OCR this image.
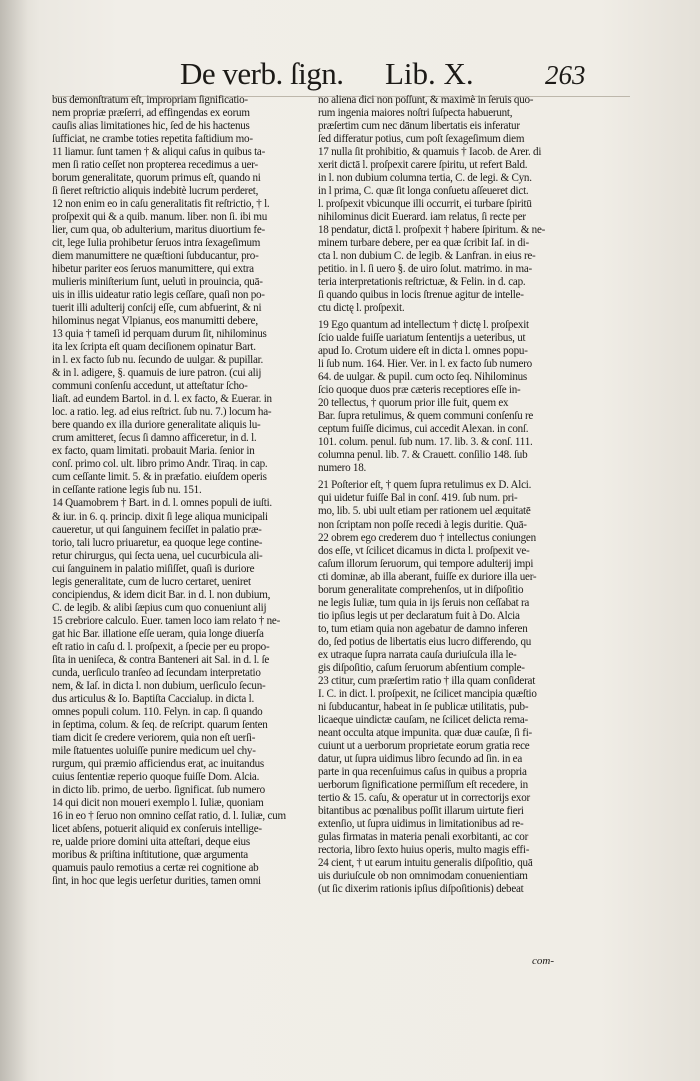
De verb. ſign. Lib. X.	263
bus demonſtratum eſt, impropriam ſignificatio-
nem propriæ præſerri, ad effingendas ex eorum
cauſis alias limitationes hic, ſed de his hactenus
ſufficiat, ne crambe toties repetita faſtidium mo-
11 liamur. ſunt tamen † & aliqui caſus in quibus ta-
men ſi ratio ceſſet non propterea recedimus a uer-
borum generalitate, quorum primus eſt, quando ni
ſi ſieret reſtrictio aliquis indebitè lucrum perderet,
12 non enim eo in caſu generalitatis fit reſtrictio, † l.
proſpexit qui & a quib. manum. liber. non ſi. ibi mu
lier, cum qua, ob adulterium, maritus diuortium fe-
cit, lege Iulia prohibetur ſeruos intra ſexageſimum
diem manumittere ne quæſtioni ſubducantur, pro-
hibetur pariter eos ſeruos manumittere, qui extra
mulieris miniſterium ſunt, uelutì in prouincia, quā-
uis in illis uideatur ratio legis ceſſare, quaſi non po-
tuerit illi adulterij conſcij eſſe, cum abfuerint, & ni
hilominus negat Vlpianus, eos manumitti debere,
13 quia † tameſi id perquam durum ſit, nihilominus
ita lex ſcripta eſt quam deciſionem opinatur Bart.
in l. ex facto ſub nu. ſecundo de uulgar. & pupillar.
& in l. adigere, §. quamuis de iure patron. (cui alij
communi conſenſu accedunt, ut atteſtatur ſcho-
liaſt. ad eundem Bartol. in d. l. ex facto, & Euerar. in
loc. a ratio. leg. ad eius reſtrict. ſub nu. 7.) locum ha-
bere quando ex illa duriore generalitate aliquis lu-
crum amitteret, ſecus ſi damno afficeretur, in d. l.
ex facto, quam limitati. probauit Maria. ſenior in
conſ. primo col. ult. libro primo Andr. Tiraq. in cap.
cum ceſſante limit. 5. & in præfatio. eiuſdem operis
in ceſſante ratione legis ſub nu. 151.
14 Quamobrem † Bart. in d. l. omnes populi de iuſti.
& iur. in 6. q. princip. dixit ſi lege aliqua municipali
caueretur, ut qui ſanguinem feciſſet in palatio præ-
torio, tali lucro priuaretur, ea quoque lege contine-
retur chirurgus, qui ſecta uena, uel cucurbicula ali-
cui ſanguinem in palatio miſiſſet, quaſi is duriore
legis generalitate, cum de lucro certaret, ueniret
concipiendus, & idem dicit Bar. in d. l. non dubium,
C. de legib. & alibi ſæpius cum quo conueniunt alij
15 crebriore calculo. Euer. tamen loco iam relato † ne-
gat hic Bar. illatione eſſe ueram, quia longe diuerſa
eſt ratio in caſu d. l. proſpexit, a ſpecie per eu propo-
ſita in ueniſeca, & contra Banteneri ait Sal. in d. l. ſe
cunda, uerſiculo tranſeo ad ſecundam interpretatio
nem, & Iaſ. in dicta l. non dubium, uerſiculo ſecun-
dus articulus & Io. Baptiſta Caccialup. in dicta l.
omnes populi colum. 110. Felyn. in cap. ſi quando
in ſeptima, colum. & ſeq. de reſcript. quarum ſenten
tiam dicit ſe credere veriorem, quia non eſt uerſi-
mile ſtatuentes uoluiſſe punire medicum uel chy-
rurgum, qui præmio afficiendus erat, ac inuitandus
cuius ſententiæ reperio quoque fuiſſe Dom. Alcia.
in dicto lib. primo, de uerbo. ſignificat. ſub numero
14 qui dicit non moueri exemplo l. Iuliæ, quoniam
16 in eo † ſeruo non omnino ceſſat ratio, d. l. Iuliæ, cum
licet abſens, potuerit aliquid ex conſeruis intellige-
re, ualde priore domini uita atteſtari, deque eius
moribus & priſtina inſtitutione, quæ argumenta
quamuis paulo remotius a certæ rei cognitione ab
ſint, in hoc que legis uerſetur durities, tamen omni
no aliena dici non poſſunt, & maximè in ſeruis quo-
rum ingenia maiores noſtri ſuſpecta habuerunt,
præſertim cum nec dānum libertatis eis inferatur
ſed differatur potius, cum poſt ſexageſimum diem
17 nulla ſit prohibitio, & quamuis † Iacob. de Arer. di
xerit dictā l. proſpexit carere ſpiritu, ut refert Bald.
in l. non dubium columna tertia, C. de legi. & Cyn.
in l prima, C. quæ ſit longa conſuetu aſſeueret dict.
l. proſpexit vbicunque illi occurrit, ei turbare ſpiritū
nihilominus dicit Euerard. iam relatus, ſi recte per
18 pendatur, dictā l. proſpexit † habere ſpiritum. & ne-
minem turbare debere, per ea quæ ſcribit Iaſ. in di-
cta l. non dubium C. de legib. & Lanfran. in eius re-
petitio. in l. ſi uero §. de uiro ſolut. matrimo. in ma-
teria interpretationis reſtrictuæ, & Felin. in d. cap.
ſi quando quibus in locis ſtrenue agitur de intelle-
ctu dictę l. proſpexit.
19 Ego quantum ad intellectum † dictę l. proſpexit
ſcio ualde fuiſſe uariatum ſententijs a ueteribus, ut
apud Io. Crotum uidere eſt in dicta l. omnes popu-
li ſub num. 164. Hier. Ver. in l. ex facto ſub numero
64. de uulgar. & pupil. cum octo ſeq. Nihilominus
ſcio quoque duos præ cæteris receptiores eſſe in-
20 tellectus, † quorum prior ille fuit, quem ex
Bar. ſupra retulimus, & quem communi conſenſu re
ceptum fuiſſe dicimus, cui accedit Alexan. in conſ.
101. colum. penul. ſub num. 17. lib. 3. & conſ. 111.
columna penul. lib. 7. & Crauett. conſilio 148. ſub
numero 18.
21 Poſterior eſt, † quem ſupra retulimus ex D. Alci.
qui uidetur fuiſſe Bal in conſ. 419. ſub num. pri-
mo, lib. 5. ubi uult etiam per rationem uel æquitatē
non ſcriptam non poſſe recedi à legis duritie. Quā-
22 obrem ego crederem duo † intellectus coniungen
dos eſſe, vt ſcilicet dicamus in dicta l. proſpexit ve-
caſum illorum ſeruorum, qui tempore adulterij impi
cti dominæ, ab illa aberant, fuiſſe ex duriore illa uer-
borum generalitate comprehenſos, ut in diſpoſitio
ne legis Iuliæ, tum quia in ijs ſeruis non ceſſabat ra
tio ipſius legis ut per declaratum fuit à Do. Alcia
to, tum etiam quia non agebatur de damno inferen
do, ſed potius de libertatis eius lucro differendo, qu
ex utraque ſupra narrata cauſa duriuſcula illa le-
gis diſpoſitio, caſum ſeruorum abſentium comple-
23 ctitur, cum præſertim ratio † illa quam conſiderat
I. C. in dict. l. proſpexit, ne ſcilicet mancipia quæſtio
ni ſubducantur, habeat in ſe publicæ utilitatis, pub-
licaeque uindictæ cauſam, ne ſcilicet delicta rema-
neant occulta atque impunita. quæ duæ cauſæ, ſi fi-
cuiunt ut a uerborum proprietate eorum gratia rece
datur, ut ſupra uidimus libro ſecundo ad ſin. in ea
parte in qua recenſuimus caſus in quibus a propria
uerborum ſignificatione permiſſum eſt recedere, in
tertio & 15. caſu, & operatur ut in correctorijs exor
bitantibus ac pœnalibus poſſit illarum uirtute fieri
extenſio, ut ſupra uidimus in limitationibus ad re-
gulas firmatas in materia penali exorbitanti, ac cor
rectoria, libro ſexto huius operis, multo magis effi-
24 cient, † ut earum intuitu generalis diſpoſitio, quā
uis duriuſcule ob non omnimodam conuenientiam
(ut ſic dixerim rationis ipſius diſpoſitionis) debeat
com-
